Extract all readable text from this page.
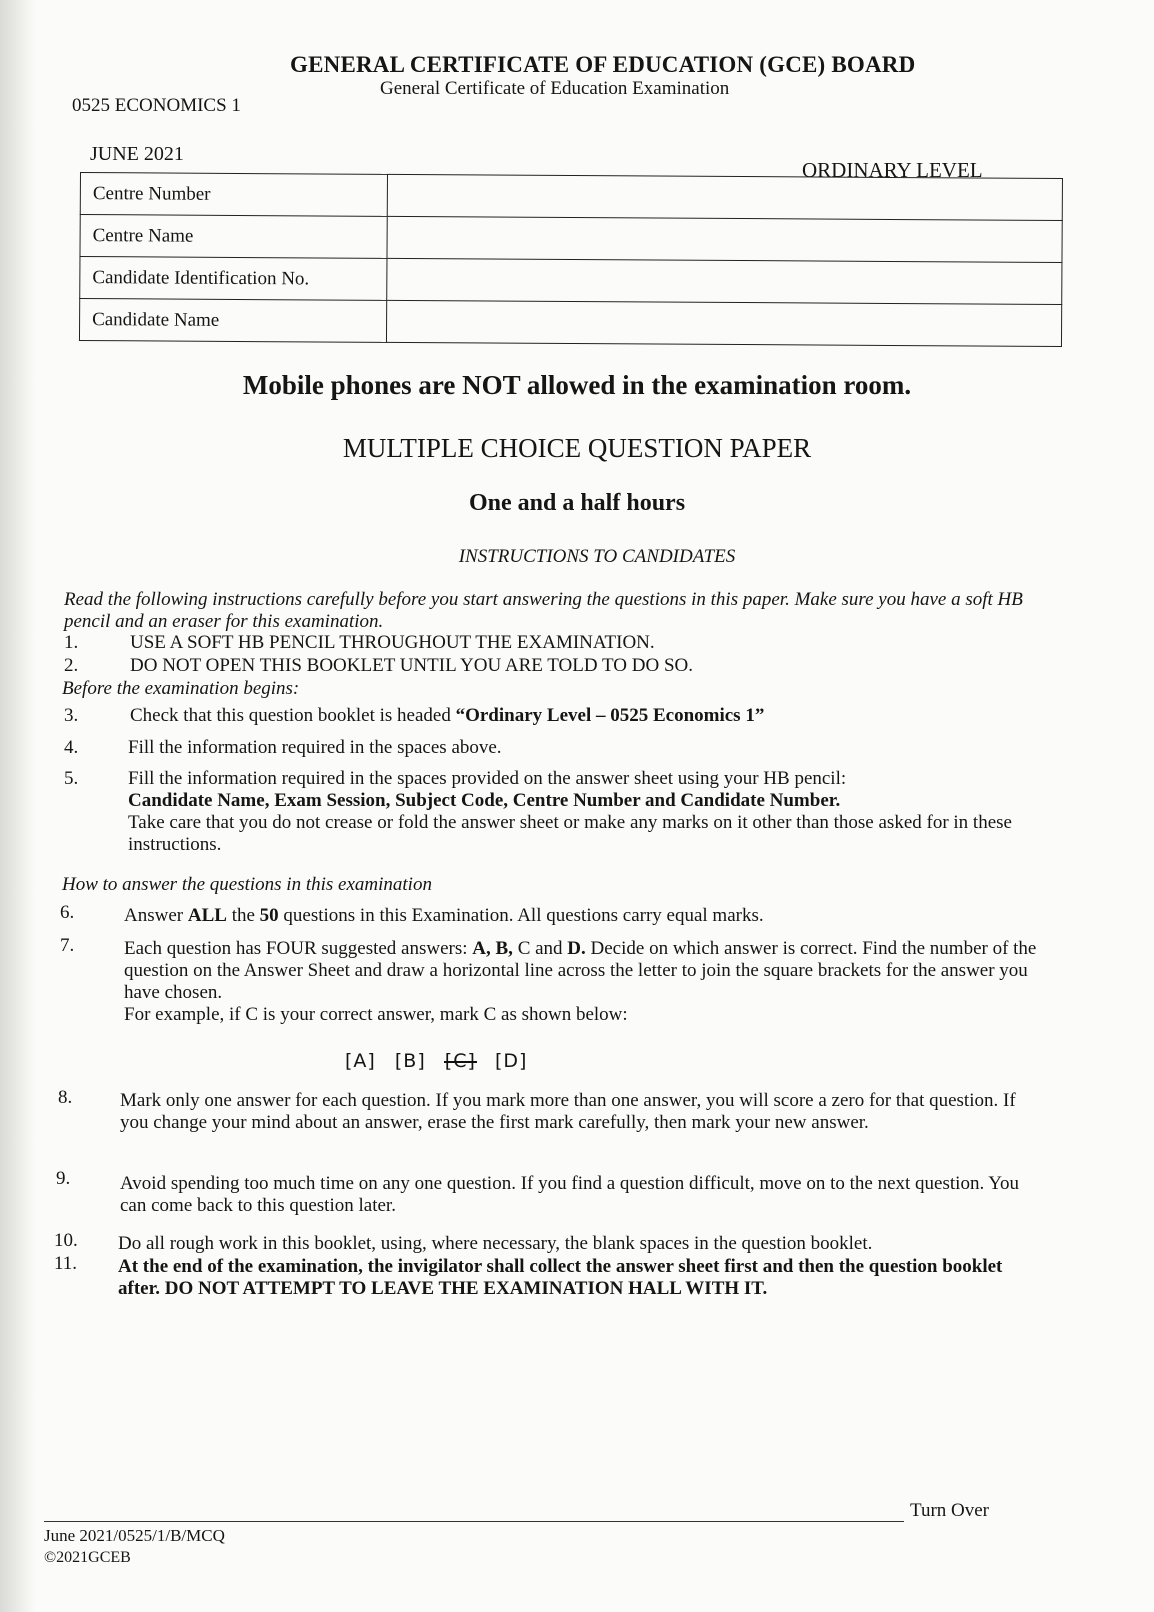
GENERAL CERTIFICATE OF EDUCATION (GCE) BOARD
General Certificate of Education Examination
0525 ECONOMICS 1
JUNE 2021
ORDINARY LEVEL
Centre Number	
Centre Name	
Candidate Identification No.	
Candidate Name	
Mobile phones are NOT allowed in the examination room.
MULTIPLE CHOICE QUESTION PAPER
One and a half hours
INSTRUCTIONS TO CANDIDATES
Read the following instructions carefully before you start answering the questions in this paper. Make sure you have a soft HB pencil and an eraser for this examination.
1.	USE A SOFT HB PENCIL THROUGHOUT THE EXAMINATION.
2.	DO NOT OPEN THIS BOOKLET UNTIL YOU ARE TOLD TO DO SO.
Before the examination begins:
3.	Check that this question booklet is headed “Ordinary Level – 0525 Economics 1”
4.	Fill the information required in the spaces above.
5.	Fill the information required in the spaces provided on the answer sheet using your HB pencil:
Candidate Name, Exam Session, Subject Code, Centre Number and Candidate Number.
Take care that you do not crease or fold the answer sheet or make any marks on it other than those asked for in these instructions.
How to answer the questions in this examination
6.	Answer ALL the 50 questions in this Examination. All questions carry equal marks.
7.	Each question has FOUR suggested answers: A, B, C and D. Decide on which answer is correct. Find the number of the question on the Answer Sheet and draw a horizontal line across the letter to join the square brackets for the answer you have chosen.
For example, if C is your correct answer, mark C as shown below:
[A] [B] [C] [D]
8.	Mark only one answer for each question. If you mark more than one answer, you will score a zero for that question. If you change your mind about an answer, erase the first mark carefully, then mark your new answer.
9.	Avoid spending too much time on any one question. If you find a question difficult, move on to the next question. You can come back to this question later.
10. Do all rough work in this booklet, using, where necessary, the blank spaces in the question booklet.
11. At the end of the examination, the invigilator shall collect the answer sheet first and then the question booklet after. DO NOT ATTEMPT TO LEAVE THE EXAMINATION HALL WITH IT.
June 2021/0525/1/B/MCQ
©2021GCEB
Turn Over
